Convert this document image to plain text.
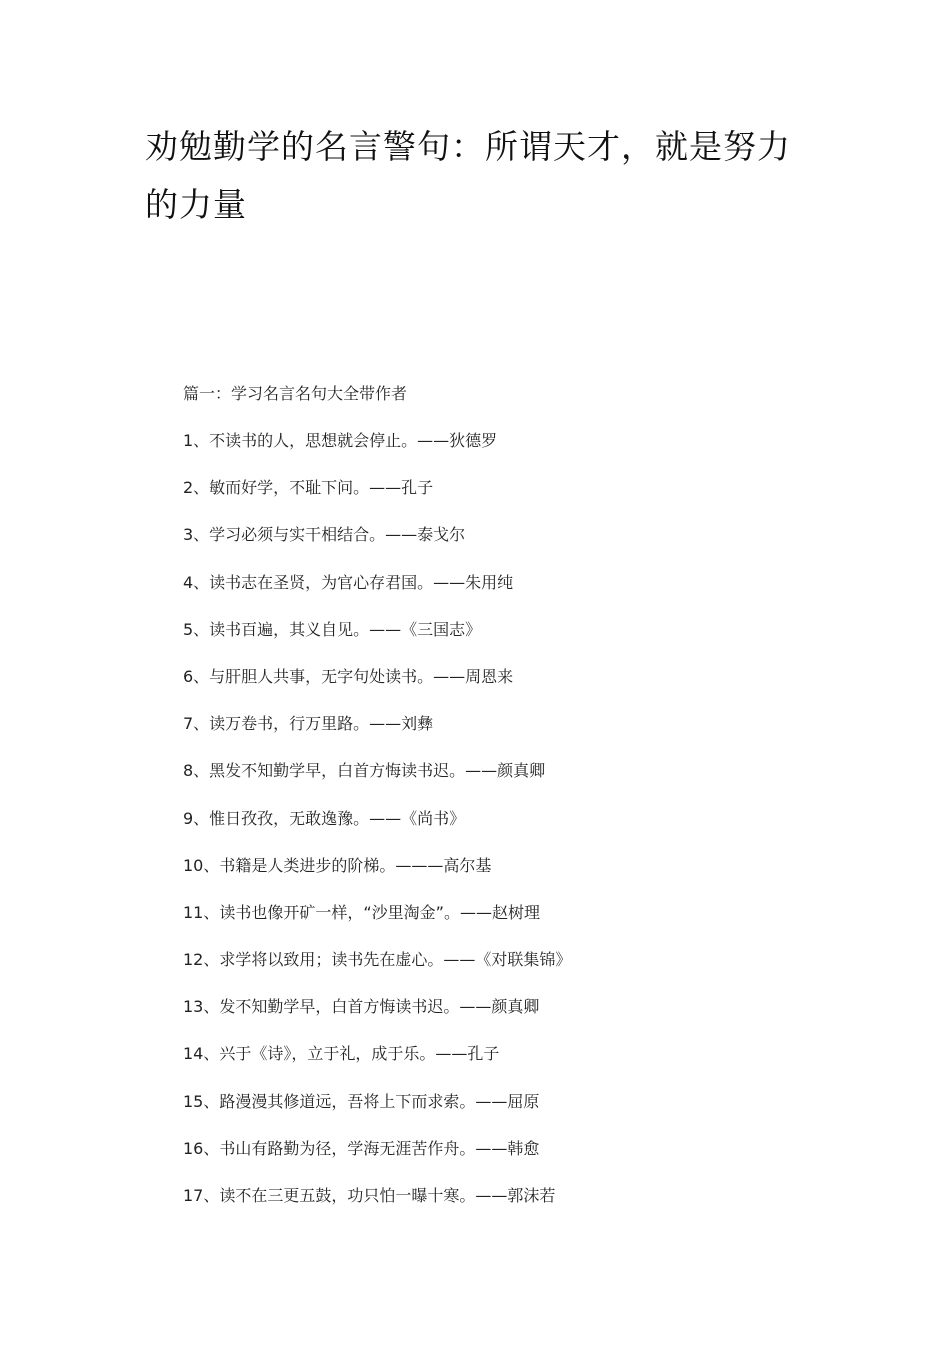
劝勉勤学的名言警句：所谓天才，就是努力的力量
篇一：学习名言名句大全带作者
1、不读书的人，思想就会停止。——狄德罗
2、敏而好学，不耻下问。——孔子
3、学习必须与实干相结合。——泰戈尔
4、读书志在圣贤，为官心存君国。——朱用纯
5、读书百遍，其义自见。——《三国志》
6、与肝胆人共事，无字句处读书。——周恩来
7、读万卷书，行万里路。——刘彝
8、黑发不知勤学早，白首方悔读书迟。——颜真卿
9、惟日孜孜，无敢逸豫。——《尚书》
10、书籍是人类进步的阶梯。———高尔基
11、读书也像开矿一样，“沙里淘金”。——赵树理
12、求学将以致用；读书先在虚心。——《对联集锦》
13、发不知勤学早，白首方悔读书迟。——颜真卿
14、兴于《诗》，立于礼，成于乐。——孔子
15、路漫漫其修道远，吾将上下而求索。——屈原
16、书山有路勤为径，学海无涯苦作舟。——韩愈
17、读不在三更五鼓，功只怕一曝十寒。——郭沫若
